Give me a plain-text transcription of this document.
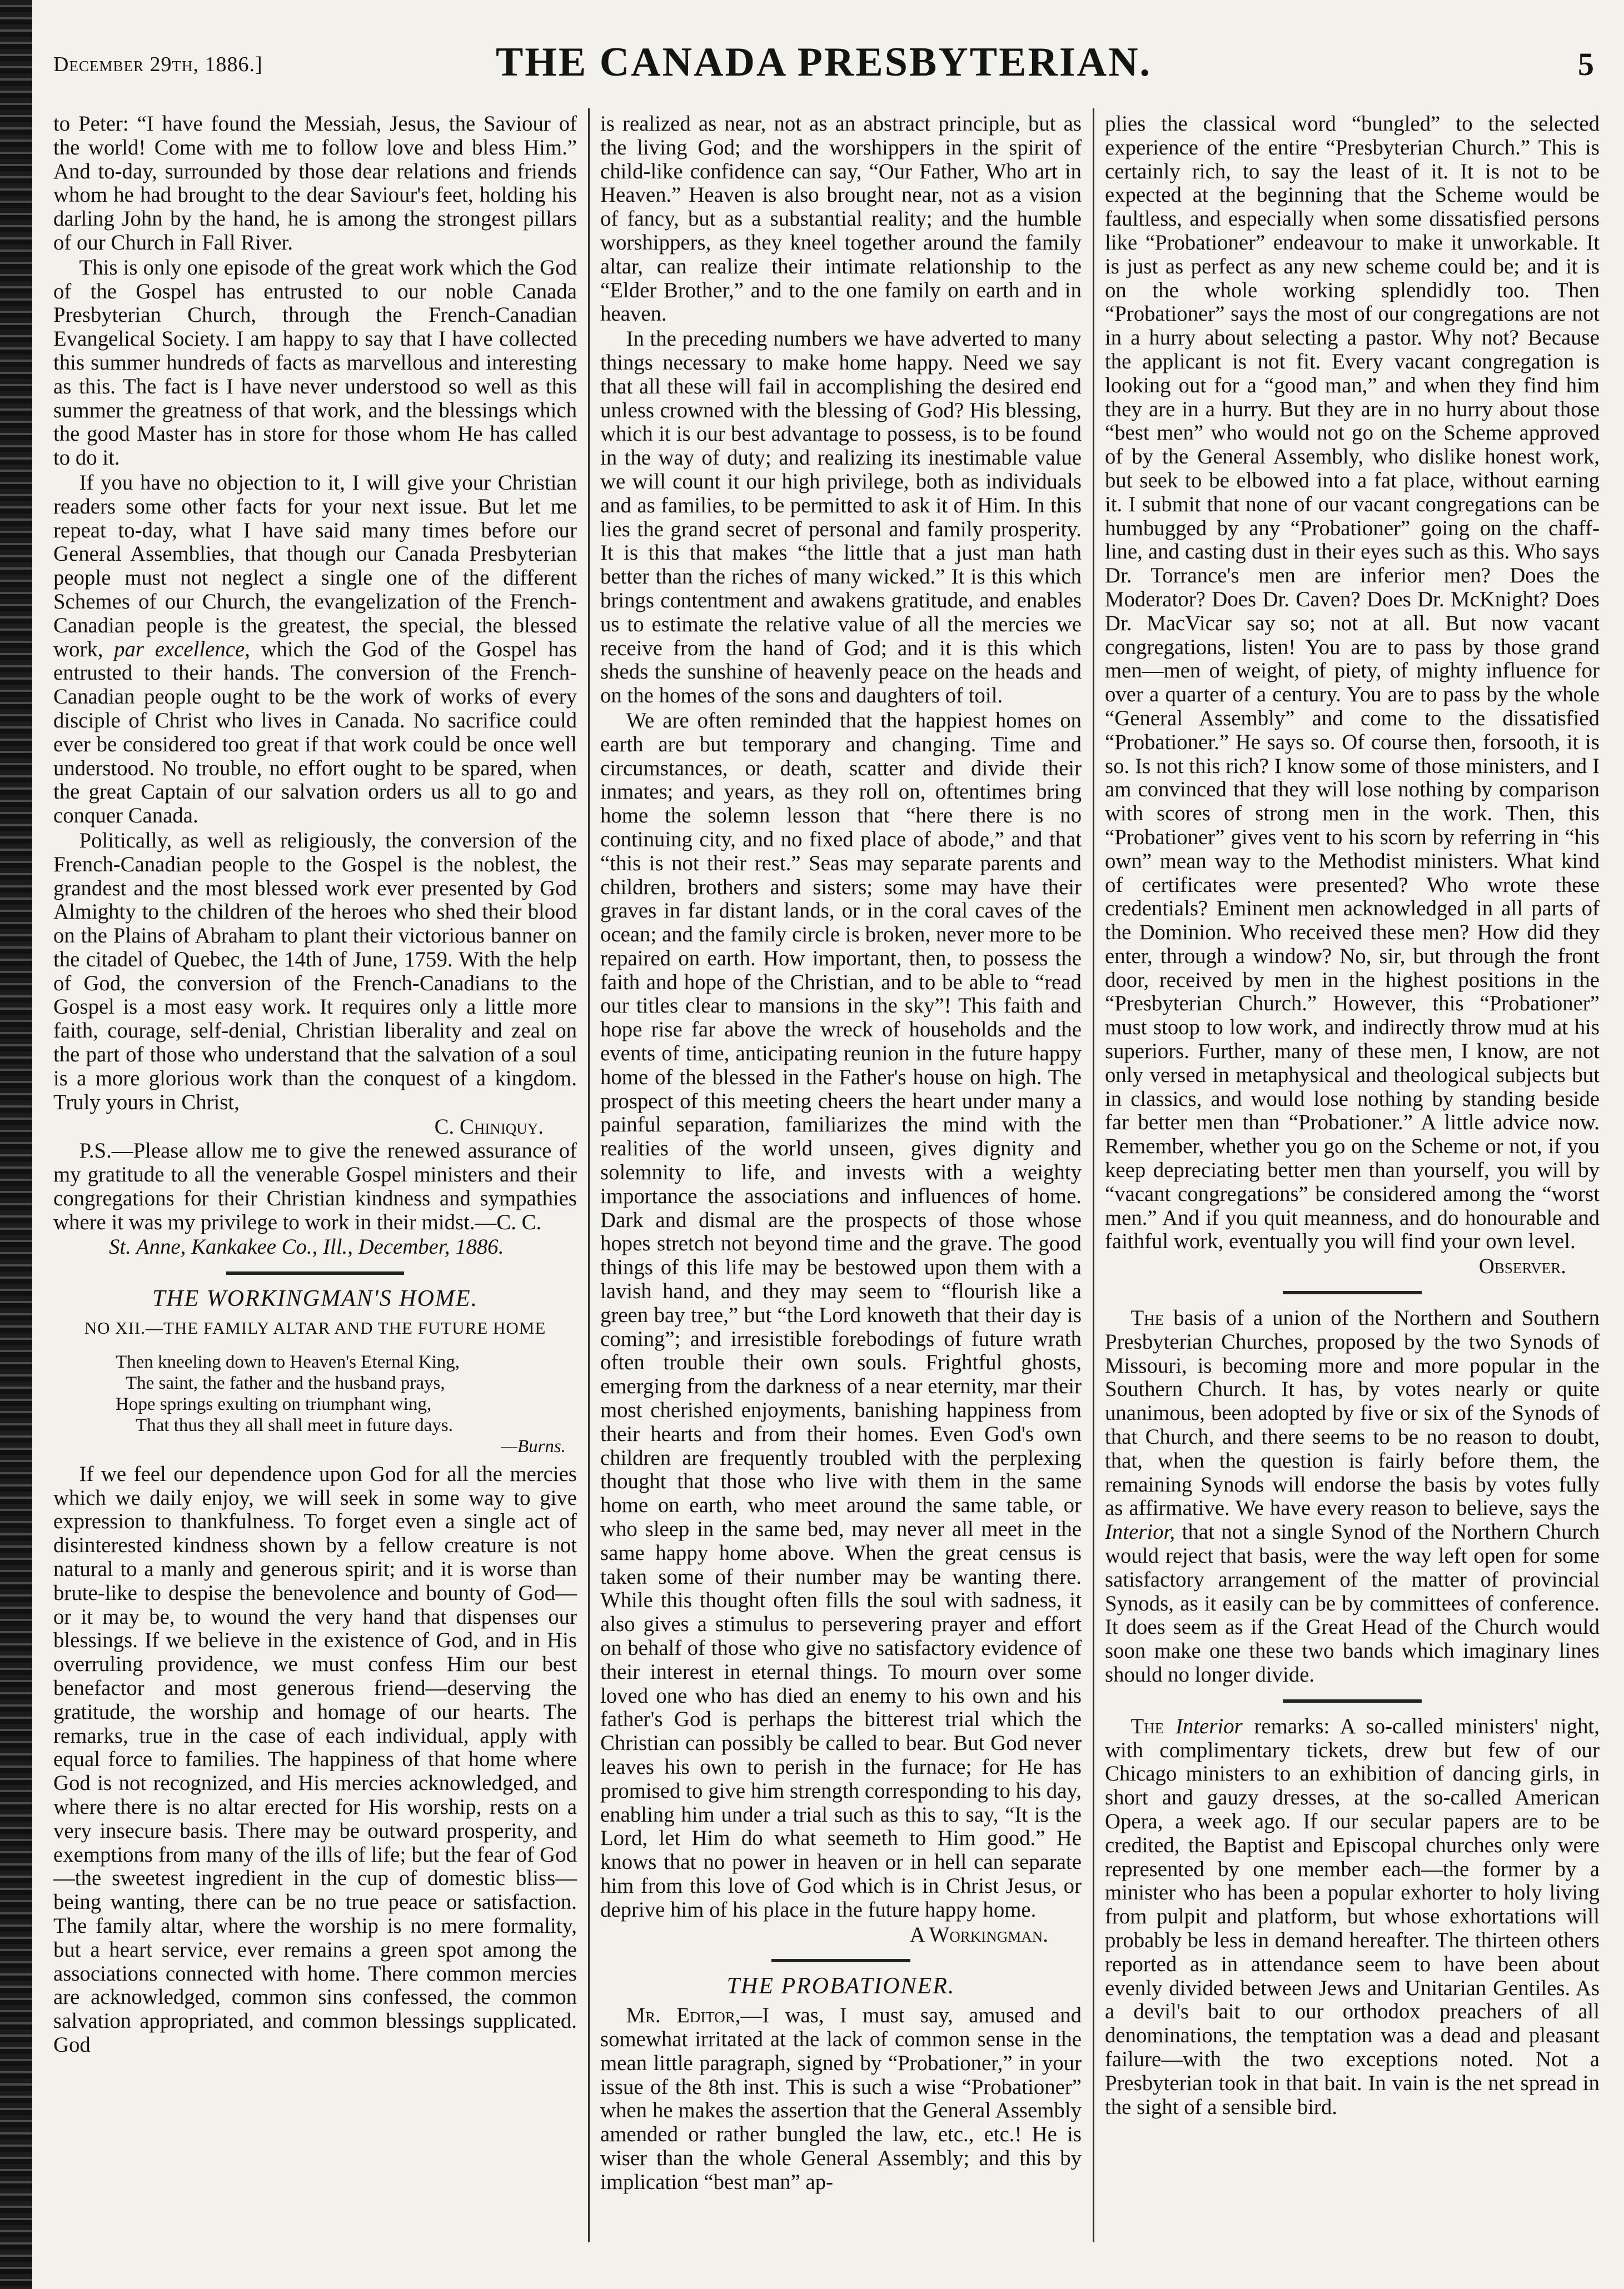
December 29th, 1886.]	THE CANADA PRESBYTERIAN.	5

to Peter: “I have found the Messiah, Jesus, the Saviour of the world! Come with me to follow love and bless Him.” And to-day, surrounded by those dear relations and friends whom he had brought to the dear Saviour's feet, holding his darling John by the hand, he is among the strongest pillars of our Church in Fall River.

This is only one episode of the great work which the God of the Gospel has entrusted to our noble Canada Presbyterian Church, through the French-Canadian Evangelical Society. I am happy to say that I have collected this summer hundreds of facts as marvellous and interesting as this. The fact is I have never understood so well as this summer the greatness of that work, and the blessings which the good Master has in store for those whom He has called to do it.

If you have no objection to it, I will give your Christian readers some other facts for your next issue. But let me repeat to-day, what I have said many times before our General Assemblies, that though our Canada Presbyterian people must not neglect a single one of the different Schemes of our Church, the evangelization of the French-Canadian people is the greatest, the special, the blessed work, par excellence, which the God of the Gospel has entrusted to their hands. The conversion of the French-Canadian people ought to be the work of works of every disciple of Christ who lives in Canada. No sacrifice could ever be considered too great if that work could be once well understood. No trouble, no effort ought to be spared, when the great Captain of our salvation orders us all to go and conquer Canada.

Politically, as well as religiously, the conversion of the French-Canadian people to the Gospel is the noblest, the grandest and the most blessed work ever presented by God Almighty to the children of the heroes who shed their blood on the Plains of Abraham to plant their victorious banner on the citadel of Quebec, the 14th of June, 1759. With the help of God, the conversion of the French-Canadians to the Gospel is a most easy work. It requires only a little more faith, courage, self-denial, Christian liberality and zeal on the part of those who understand that the salvation of a soul is a more glorious work than the conquest of a kingdom. Truly yours in Christ,

C. Chiniquy.

P.S.—Please allow me to give the renewed assurance of my gratitude to all the venerable Gospel ministers and their congregations for their Christian kindness and sympathies where it was my privilege to work in their midst.—C. C.

St. Anne, Kankakee Co., Ill., December, 1886.

THE WORKINGMAN'S HOME.
NO XII.—THE FAMILY ALTAR AND THE FUTURE HOME
Then kneeling down to Heaven's Eternal King,
The saint, the father and the husband prays,
Hope springs exulting on triumphant wing,
That thus they all shall meet in future days.
—Burns.

If we feel our dependence upon God for all the mercies which we daily enjoy, we will seek in some way to give expression to thankfulness. To forget even a single act of disinterested kindness shown by a fellow creature is not natural to a manly and generous spirit; and it is worse than brute-like to despise the benevolence and bounty of God—or it may be, to wound the very hand that dispenses our blessings. If we believe in the existence of God, and in His overruling providence, we must confess Him our best benefactor and most generous friend—deserving the gratitude, the worship and homage of our hearts. The remarks, true in the case of each individual, apply with equal force to families. The happiness of that home where God is not recognized, and His mercies acknowledged, and where there is no altar erected for His worship, rests on a very insecure basis. There may be outward prosperity, and exemptions from many of the ills of life; but the fear of God—the sweetest ingredient in the cup of domestic bliss—being wanting, there can be no true peace or satisfaction. The family altar, where the worship is no mere formality, but a heart service, ever remains a green spot among the associations connected with home. There common mercies are acknowledged, common sins confessed, the common salvation appropriated, and common blessings supplicated. God

is realized as near, not as an abstract principle, but as the living God; and the worshippers in the spirit of child-like confidence can say, “Our Father, Who art in Heaven.” Heaven is also brought near, not as a vision of fancy, but as a substantial reality; and the humble worshippers, as they kneel together around the family altar, can realize their intimate relationship to the “Elder Brother,” and to the one family on earth and in heaven.

In the preceding numbers we have adverted to many things necessary to make home happy. Need we say that all these will fail in accomplishing the desired end unless crowned with the blessing of God? His blessing, which it is our best advantage to possess, is to be found in the way of duty; and realizing its inestimable value we will count it our high privilege, both as individuals and as families, to be permitted to ask it of Him. In this lies the grand secret of personal and family prosperity. It is this that makes “the little that a just man hath better than the riches of many wicked.” It is this which brings contentment and awakens gratitude, and enables us to estimate the relative value of all the mercies we receive from the hand of God; and it is this which sheds the sunshine of heavenly peace on the heads and on the homes of the sons and daughters of toil.

We are often reminded that the happiest homes on earth are but temporary and changing. Time and circumstances, or death, scatter and divide their inmates; and years, as they roll on, oftentimes bring home the solemn lesson that “here there is no continuing city, and no fixed place of abode,” and that “this is not their rest.” Seas may separate parents and children, brothers and sisters; some may have their graves in far distant lands, or in the coral caves of the ocean; and the family circle is broken, never more to be repaired on earth. How important, then, to possess the faith and hope of the Christian, and to be able to “read our titles clear to mansions in the sky”! This faith and hope rise far above the wreck of households and the events of time, anticipating reunion in the future happy home of the blessed in the Father's house on high. The prospect of this meeting cheers the heart under many a painful separation, familiarizes the mind with the realities of the world unseen, gives dignity and solemnity to life, and invests with a weighty importance the associations and influences of home. Dark and dismal are the prospects of those whose hopes stretch not beyond time and the grave. The good things of this life may be bestowed upon them with a lavish hand, and they may seem to “flourish like a green bay tree,” but “the Lord knoweth that their day is coming”; and irresistible forebodings of future wrath often trouble their own souls. Frightful ghosts, emerging from the darkness of a near eternity, mar their most cherished enjoyments, banishing happiness from their hearts and from their homes. Even God's own children are frequently troubled with the perplexing thought that those who live with them in the same home on earth, who meet around the same table, or who sleep in the same bed, may never all meet in the same happy home above. When the great census is taken some of their number may be wanting there. While this thought often fills the soul with sadness, it also gives a stimulus to persevering prayer and effort on behalf of those who give no satisfactory evidence of their interest in eternal things. To mourn over some loved one who has died an enemy to his own and his father's God is perhaps the bitterest trial which the Christian can possibly be called to bear. But God never leaves his own to perish in the furnace; for He has promised to give him strength corresponding to his day, enabling him under a trial such as this to say, “It is the Lord, let Him do what seemeth to Him good.” He knows that no power in heaven or in hell can separate him from this love of God which is in Christ Jesus, or deprive him of his place in the future happy home.

A Workingman.
THE PROBATIONER.

Mr. Editor,—I was, I must say, amused and somewhat irritated at the lack of common sense in the mean little paragraph, signed by “Probationer,” in your issue of the 8th inst. This is such a wise “Probationer” when he makes the assertion that the General Assembly amended or rather bungled the law, etc., etc.! He is wiser than the whole General Assembly; and this by implication “best man” ap-

plies the classical word “bungled” to the selected experience of the entire “Presbyterian Church.” This is certainly rich, to say the least of it. It is not to be expected at the beginning that the Scheme would be faultless, and especially when some dissatisfied persons like “Probationer” endeavour to make it unworkable. It is just as perfect as any new scheme could be; and it is on the whole working splendidly too. Then “Probationer” says the most of our congregations are not in a hurry about selecting a pastor. Why not? Because the applicant is not fit. Every vacant congregation is looking out for a “good man,” and when they find him they are in a hurry. But they are in no hurry about those “best men” who would not go on the Scheme approved of by the General Assembly, who dislike honest work, but seek to be elbowed into a fat place, without earning it. I submit that none of our vacant congregations can be humbugged by any “Probationer” going on the chaff-line, and casting dust in their eyes such as this. Who says Dr. Torrance's men are inferior men? Does the Moderator? Does Dr. Caven? Does Dr. McKnight? Does Dr. MacVicar say so; not at all. But now vacant congregations, listen! You are to pass by those grand men—men of weight, of piety, of mighty influence for over a quarter of a century. You are to pass by the whole “General Assembly” and come to the dissatisfied “Probationer.” He says so. Of course then, forsooth, it is so. Is not this rich? I know some of those ministers, and I am convinced that they will lose nothing by comparison with scores of strong men in the work. Then, this “Probationer” gives vent to his scorn by referring in “his own” mean way to the Methodist ministers. What kind of certificates were presented? Who wrote these credentials? Eminent men acknowledged in all parts of the Dominion. Who received these men? How did they enter, through a window? No, sir, but through the front door, received by men in the highest positions in the “Presbyterian Church.” However, this “Probationer” must stoop to low work, and indirectly throw mud at his superiors. Further, many of these men, I know, are not only versed in metaphysical and theological subjects but in classics, and would lose nothing by standing beside far better men than “Probationer.” A little advice now. Remember, whether you go on the Scheme or not, if you keep depreciating better men than yourself, you will by “vacant congregations” be considered among the “worst men.” And if you quit meanness, and do honourable and faithful work, eventually you will find your own level.

Observer.

The basis of a union of the Northern and Southern Presbyterian Churches, proposed by the two Synods of Missouri, is becoming more and more popular in the Southern Church. It has, by votes nearly or quite unanimous, been adopted by five or six of the Synods of that Church, and there seems to be no reason to doubt, that, when the question is fairly before them, the remaining Synods will endorse the basis by votes fully as affirmative. We have every reason to believe, says the Interior, that not a single Synod of the Northern Church would reject that basis, were the way left open for some satisfactory arrangement of the matter of provincial Synods, as it easily can be by committees of conference. It does seem as if the Great Head of the Church would soon make one these two bands which imaginary lines should no longer divide.

The Interior remarks: A so-called ministers' night, with complimentary tickets, drew but few of our Chicago ministers to an exhibition of dancing girls, in short and gauzy dresses, at the so-called American Opera, a week ago. If our secular papers are to be credited, the Baptist and Episcopal churches only were represented by one member each—the former by a minister who has been a popular exhorter to holy living from pulpit and platform, but whose exhortations will probably be less in demand hereafter. The thirteen others reported as in attendance seem to have been about evenly divided between Jews and Unitarian Gentiles. As a devil's bait to our orthodox preachers of all denominations, the temptation was a dead and pleasant failure—with the two exceptions noted. Not a Presbyterian took in that bait. In vain is the net spread in the sight of a sensible bird.
